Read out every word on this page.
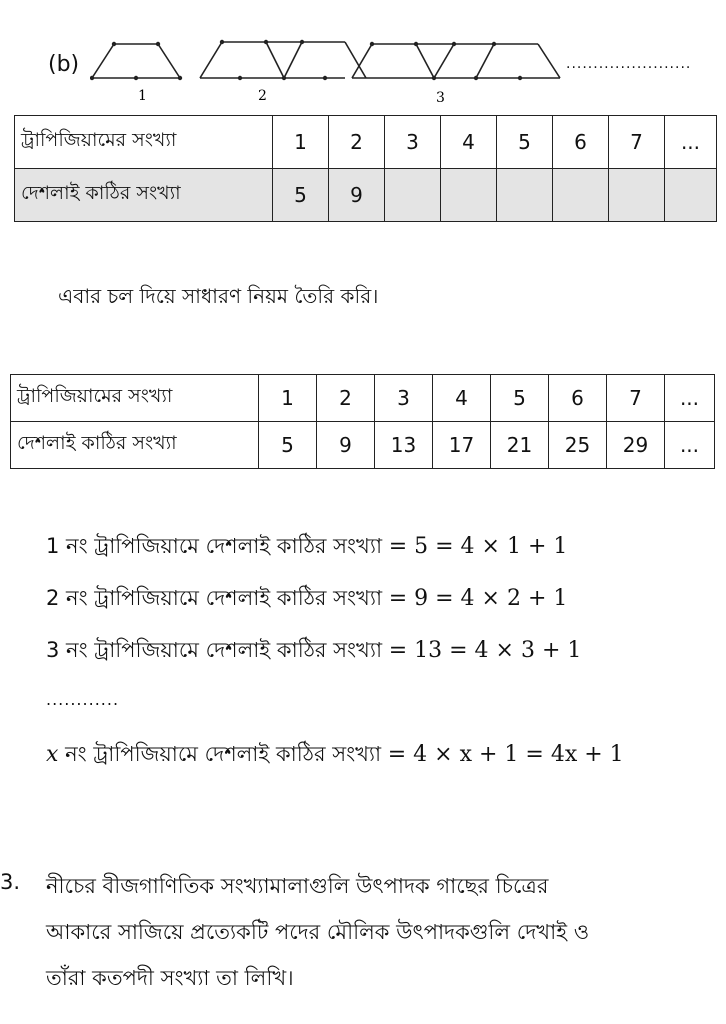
(b)
1	2	3
.......................
ট্রাপিজিয়ামের সংখ্যা	1	2	3	4	5	6	7	...
দেশলাই কাঠির সংখ্যা	5	9						
এবার চল দিয়ে সাধারণ নিয়ম তৈরি করি।
ট্রাপিজিয়ামের সংখ্যা	1	2	3	4	5	6	7	...
দেশলাই কাঠির সংখ্যা	5	9	13	17	21	25	29	...
1 নং ট্রাপিজিয়ামে দেশলাই কাঠির সংখ্যা = 5 = 4 × 1 + 1
2 নং ট্রাপিজিয়ামে দেশলাই কাঠির সংখ্যা = 9 = 4 × 2 + 1
3 নং ট্রাপিজিয়ামে দেশলাই কাঠির সংখ্যা = 13 = 4 × 3 + 1
............
x নং ট্রাপিজিয়ামে দেশলাই কাঠির সংখ্যা = 4 × x + 1 = 4x + 1
3. নীচের বীজগাণিতিক সংখ্যামালাগুলি উৎপাদক গাছের চিত্রের
আকারে সাজিয়ে প্রত্যেকটি পদের মৌলিক উৎপাদকগুলি দেখাই ও
তাঁরা কতপদী সংখ্যা তা লিখি।
